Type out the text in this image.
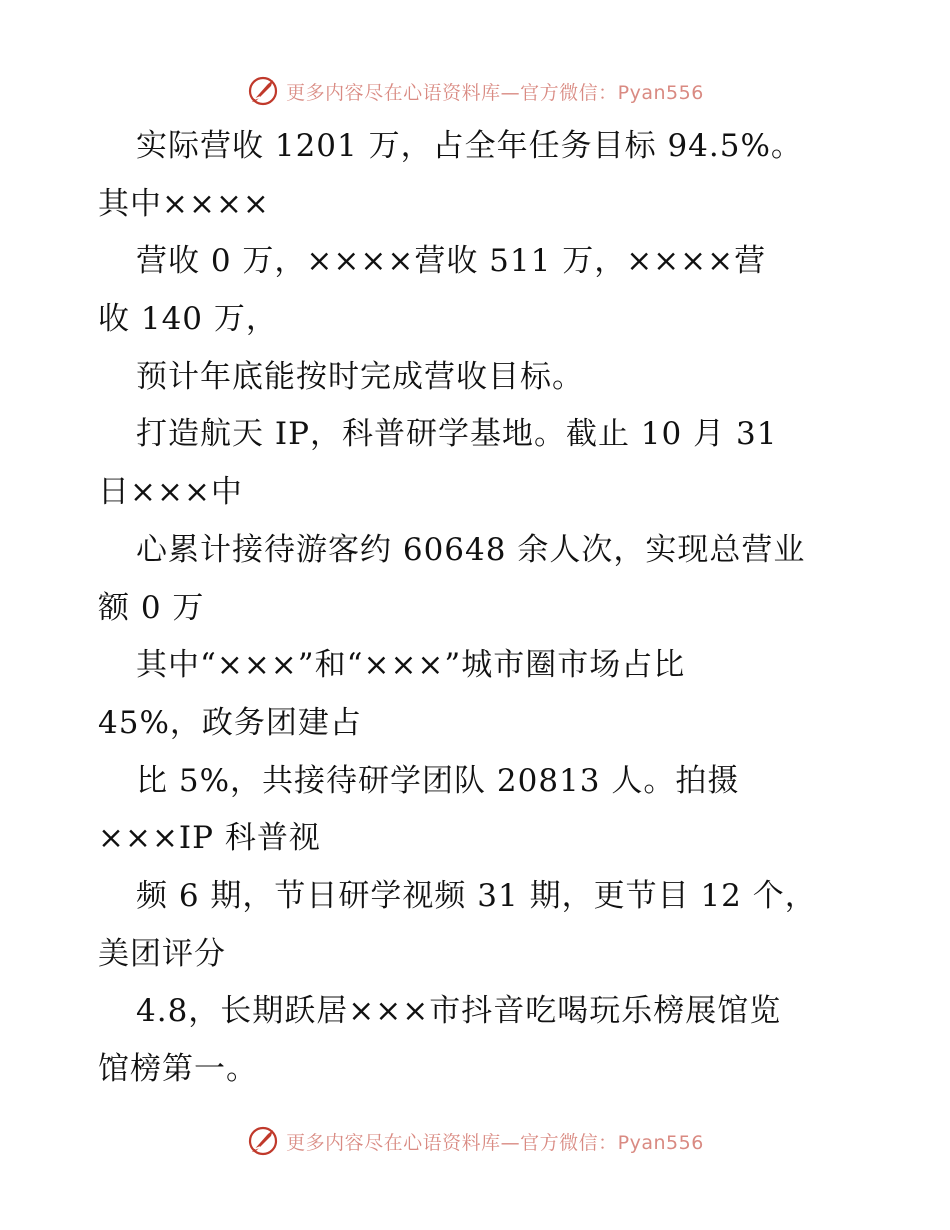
更多内容尽在心语资料库—官方微信：Pyan556
实际营收 1201 万，占全年任务目标 94.5%。
其中××××
营收 0 万，××××营收 511 万，××××营
收 140 万，
预计年底能按时完成营收目标。
打造航天 IP，科普研学基地。截止 10 月 31
日×××中
心累计接待游客约 60648 余人次，实现总营业
额 0 万
其中“×××”和“×××”城市圈市场占比
45%，政务团建占
比 5%，共接待研学团队 20813 人。拍摄
×××IP 科普视
频 6 期，节日研学视频 31 期，更节目 12 个，
美团评分
4.8，长期跃居×××市抖音吃喝玩乐榜展馆览
馆榜第一。
更多内容尽在心语资料库—官方微信：Pyan556
